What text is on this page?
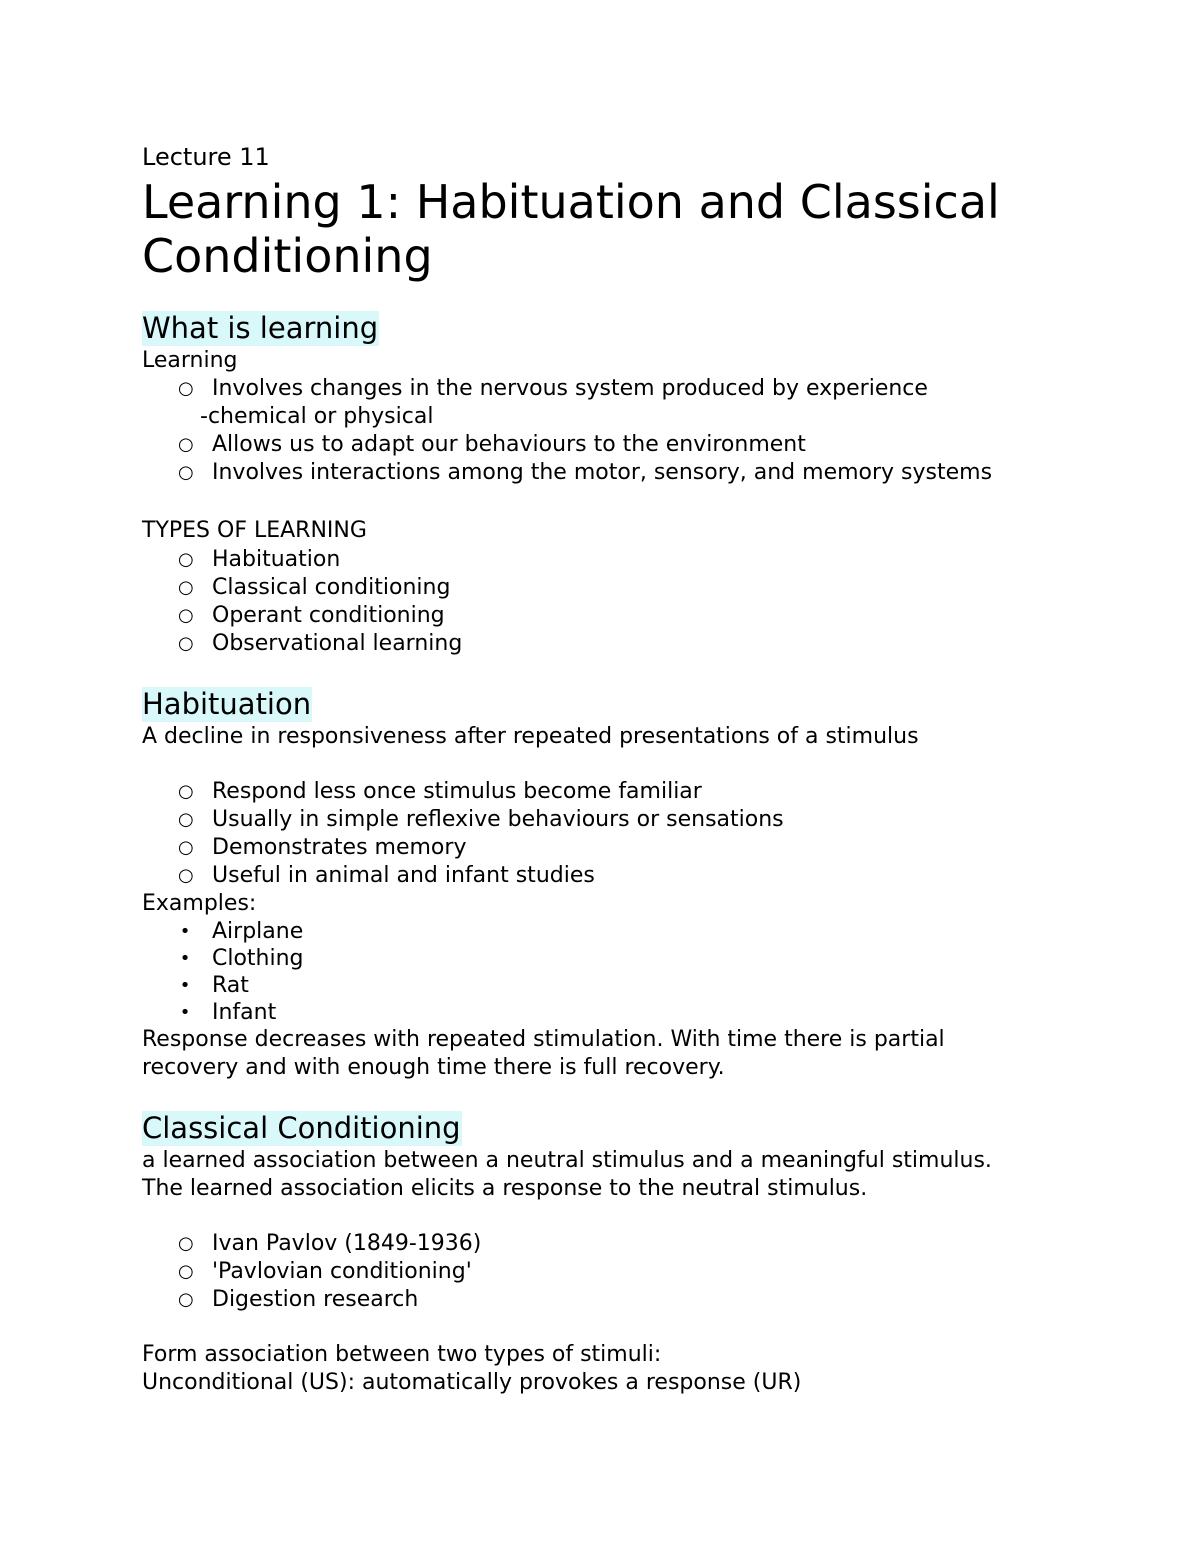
Lecture 11
Learning 1: Habituation and Classical Conditioning
What is learning

Learning

○ Involves changes in the nervous system produced by experience

-chemical or physical

○ Allows us to adapt our behaviours to the environment
○ Involves interactions among the motor, sensory, and memory systems

TYPES OF LEARNING

○ Habituation
○ Classical conditioning
○ Operant conditioning
○ Observational learning
Habituation

A decline in responsiveness after repeated presentations of a stimulus

○ Respond less once stimulus become familiar
○ Usually in simple reflexive behaviours or sensations
○ Demonstrates memory
○ Useful in animal and infant studies

Examples:

• Airplane
• Clothing
• Rat
• Infant

Response decreases with repeated stimulation. With time there is partial

recovery and with enough time there is full recovery.

Classical Conditioning

a learned association between a neutral stimulus and a meaningful stimulus.

The learned association elicits a response to the neutral stimulus.

○ Ivan Pavlov (1849-1936)
○ 'Pavlovian conditioning'
○ Digestion research

Form association between two types of stimuli:

Unconditional (US): automatically provokes a response (UR)
